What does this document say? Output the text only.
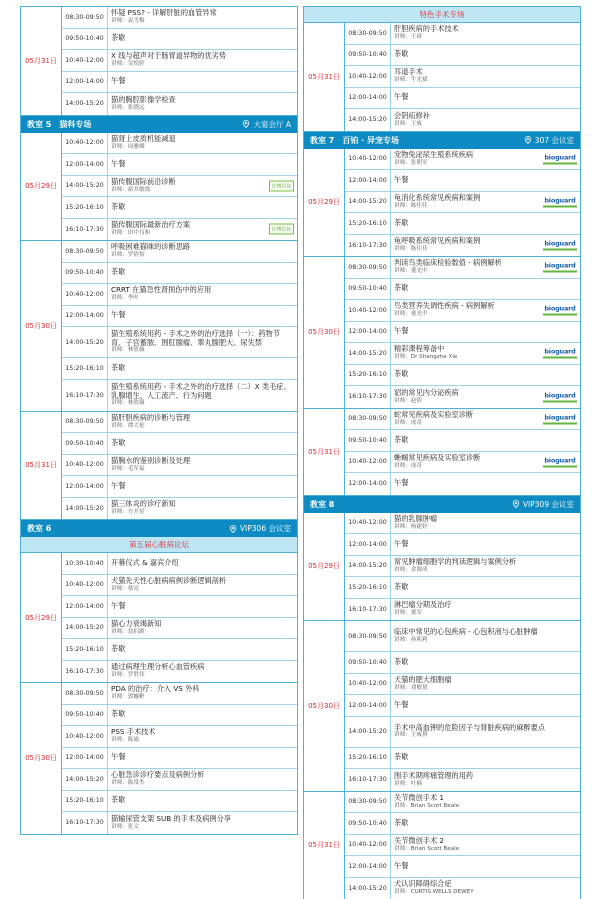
05月31日
08:30-09:50	怀疑 PSS? - 详解肝脏的血管异常
讲师：袁雪梅
09:50-10:40	茶歇
10:40-12:00	X 线与超声对于肠胃道异物的优劣势
讲师：吴悦婷
12:00-14:00	午餐
14:00-15:20	猫的胸腔影像学检查
讲师：张晓远
教室 5　猫科专场	大宴会厅 A
05月29日
10:40-12:00	猫肾上皮质机能减退
讲师：周雅卿
12:00-14:00	午餐
14:00-15:20	猫传腹国际前沿诊断
讲师：新井敏郎	汪博贝比
15:20-16:10	茶歇
16:10-17:30	猫传腹国际最新治疗方案
讲师：田中良和	汪博贝比
05月30日
08:30-09:50	呼吸困难猫咪的诊断思路
讲师：罗倩怡
09:50-10:40	茶歇
10:40-12:00	CRRT 在猫急性肾损伤中的应用
讲师：李叶
12:00-14:00	午餐
14:00-15:20
猫生殖系统用药 - 手术之外的治疗选择（一）：药物节育、子宫蓄脓、围肛腺瘤、睾丸腺肥大、尿失禁
讲师：林欣薇
15:20-16:10	茶歇
16:10-17:30
猫生殖系统用药 - 手术之外的治疗选择（二）X 类毛症、乳腺增生、人工流产、行为问题
讲师：林欣薇
05月31日
08:30-09:50	猫肝胆疾病的诊断与管理
讲师：谭大伦
09:50-10:40	茶歇
10:40-12:00	猫胸水的鉴别诊断及处理
讲师：毛军福
12:00-14:00	午餐
14:00-15:20	猫三体炎的诊疗新知
讲师：方开星
教室 6	VIP306 会议室
第五届心脏病论坛
05月29日
10:30-10:40	开幕仪式 & 嘉宾介绍
10:40-12:00	犬猫先天性心脏病病例诊断逻辑剖析
讲师：蔡亮
12:00-14:00	午餐
14:00-15:20	猫心力衰竭新知
讲师：翁伯源
15:20-16:10	茶歇
16:10-17:30	通过病理生理分析心血管疾病
讲师：罗胜伟
05月30日
08:30-09:50	PDA 的治疗：介入 VS 外科
讲师：郭巍彬
09:50-10:40	茶歇
10:40-12:00	PSS 手术技术
讲师：陈瑜
12:00-14:00	午餐
14:00-15:20	心脏急诊诊疗要点及病例分析
讲师：陈常杰
15:20-16:10	茶歇
16:10-17:30	猫输尿管支架 SUB 的手术及病例分享
讲师：张文
特色手术专场
05月31日
08:30-09:50	肝胆疾病的手术技术
讲师：王琦
09:50-10:40	茶歇
10:40-12:00	耳道手术
讲师：牛光斌
12:00-14:00	午餐
14:00-15:20	会阴疝修补
讲师：王威
教室 7　百铂 · 异宠专场	307 会议室
05月29日
10:40-12:00	宠物兔泌尿生殖系统疾病
讲师：张朝军
bioguard
12:00-14:00	午餐
14:00-15:20	龟消化系统常见疾病和案例
讲师：陈佳佳
bioguard
15:20-16:10	茶歇
16:10-17:30	龟呼吸系统常见疾病和案例
讲师：陈佳佳
bioguard
05月30日
08:30-09:50	判读鸟类临床检验数值 - 病例解析
讲师：董光中
bioguard
09:50-10:40	茶歇
10:40-12:00	鸟类营养失调性疾病 - 病例解析
讲师：董光中
bioguard
12:00-14:00	午餐
14:00-15:20	精彩课程筹备中
讲师：Dr Shangzhe Xie
bioguard
15:20-16:10	茶歇
16:10-17:30	貂的常见内分泌疾病
讲师：赵倩
bioguard
05月31日
08:30-09:50	蛇常见疾病及实验室诊断
讲师：成奇
bioguard
09:50-10:40	茶歇
10:40-12:00	蜥蜴常见疾病及实验室诊断
讲师：成奇
bioguard
12:00-14:00	午餐
教室 8	VIP309 会议室
05月29日
10:40-12:00	猫的乳腺肿瘤
讲师：杨捷婷
12:00-14:00	午餐
14:00-15:20	常见肿瘤细胞学的判读逻辑与案例分析
讲师：余源成
15:20-16:10	茶歇
16:10-17:30	淋巴瘤分期及治疗
讲师：董军
05月30日
08:30-09:50	临床中常见的心包疾病 - 心包积液与心脏肿瘤
讲师：孙莉莉
09:50-10:40	茶歇
10:40-12:00	犬猫的肥大细胞瘤
讲师：刘敏倩
12:00-14:00	午餐
14:00-15:20	手术中高血钾的危险因子与肾脏疾病的麻醉要点
讲师：王威祺
15:20-16:10	茶歇
16:10-17:30	围手术期疼痛管理的用药
讲师：叶楠
05月31日
08:30-09:50	关节微创手术 1
讲师：Brian Scott Beale
09:50-10:40	茶歇
10:40-12:00	关节微创手术 2
讲师：Brian Scott Beale
12:00-14:00	午餐
14:00-15:20	犬认识障碍综合症
讲师：CURTIS WELLS DEWEY
